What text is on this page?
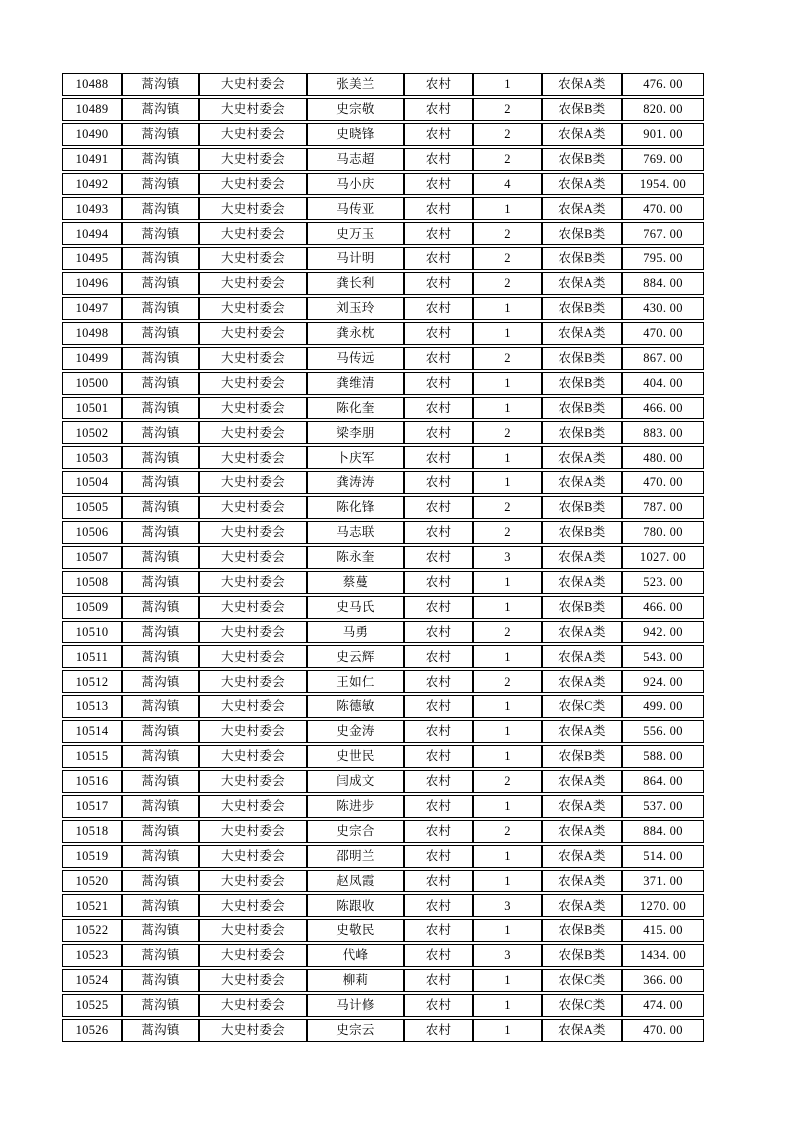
10488	蒿沟镇	大史村委会	张美兰	农村	1	农保A类	476. 00
10489	蒿沟镇	大史村委会	史宗敬	农村	2	农保B类	820. 00
10490	蒿沟镇	大史村委会	史晓锋	农村	2	农保A类	901. 00
10491	蒿沟镇	大史村委会	马志超	农村	2	农保B类	769. 00
10492	蒿沟镇	大史村委会	马小庆	农村	4	农保A类	1954. 00
10493	蒿沟镇	大史村委会	马传亚	农村	1	农保A类	470. 00
10494	蒿沟镇	大史村委会	史万玉	农村	2	农保B类	767. 00
10495	蒿沟镇	大史村委会	马计明	农村	2	农保B类	795. 00
10496	蒿沟镇	大史村委会	龚长利	农村	2	农保A类	884. 00
10497	蒿沟镇	大史村委会	刘玉玲	农村	1	农保B类	430. 00
10498	蒿沟镇	大史村委会	龚永枕	农村	1	农保A类	470. 00
10499	蒿沟镇	大史村委会	马传远	农村	2	农保B类	867. 00
10500	蒿沟镇	大史村委会	龚维清	农村	1	农保B类	404. 00
10501	蒿沟镇	大史村委会	陈化奎	农村	1	农保B类	466. 00
10502	蒿沟镇	大史村委会	梁李朋	农村	2	农保B类	883. 00
10503	蒿沟镇	大史村委会	卜庆军	农村	1	农保A类	480. 00
10504	蒿沟镇	大史村委会	龚涛涛	农村	1	农保A类	470. 00
10505	蒿沟镇	大史村委会	陈化锋	农村	2	农保B类	787. 00
10506	蒿沟镇	大史村委会	马志联	农村	2	农保B类	780. 00
10507	蒿沟镇	大史村委会	陈永奎	农村	3	农保A类	1027. 00
10508	蒿沟镇	大史村委会	蔡蔓	农村	1	农保A类	523. 00
10509	蒿沟镇	大史村委会	史马氏	农村	1	农保B类	466. 00
10510	蒿沟镇	大史村委会	马勇	农村	2	农保A类	942. 00
10511	蒿沟镇	大史村委会	史云辉	农村	1	农保A类	543. 00
10512	蒿沟镇	大史村委会	王如仁	农村	2	农保A类	924. 00
10513	蒿沟镇	大史村委会	陈德敏	农村	1	农保C类	499. 00
10514	蒿沟镇	大史村委会	史金涛	农村	1	农保A类	556. 00
10515	蒿沟镇	大史村委会	史世民	农村	1	农保B类	588. 00
10516	蒿沟镇	大史村委会	闫成文	农村	2	农保A类	864. 00
10517	蒿沟镇	大史村委会	陈进步	农村	1	农保A类	537. 00
10518	蒿沟镇	大史村委会	史宗合	农村	2	农保A类	884. 00
10519	蒿沟镇	大史村委会	邵明兰	农村	1	农保A类	514. 00
10520	蒿沟镇	大史村委会	赵凤霞	农村	1	农保A类	371. 00
10521	蒿沟镇	大史村委会	陈跟收	农村	3	农保A类	1270. 00
10522	蒿沟镇	大史村委会	史敬民	农村	1	农保B类	415. 00
10523	蒿沟镇	大史村委会	代峰	农村	3	农保B类	1434. 00
10524	蒿沟镇	大史村委会	柳莉	农村	1	农保C类	366. 00
10525	蒿沟镇	大史村委会	马计修	农村	1	农保C类	474. 00
10526	蒿沟镇	大史村委会	史宗云	农村	1	农保A类	470. 00
